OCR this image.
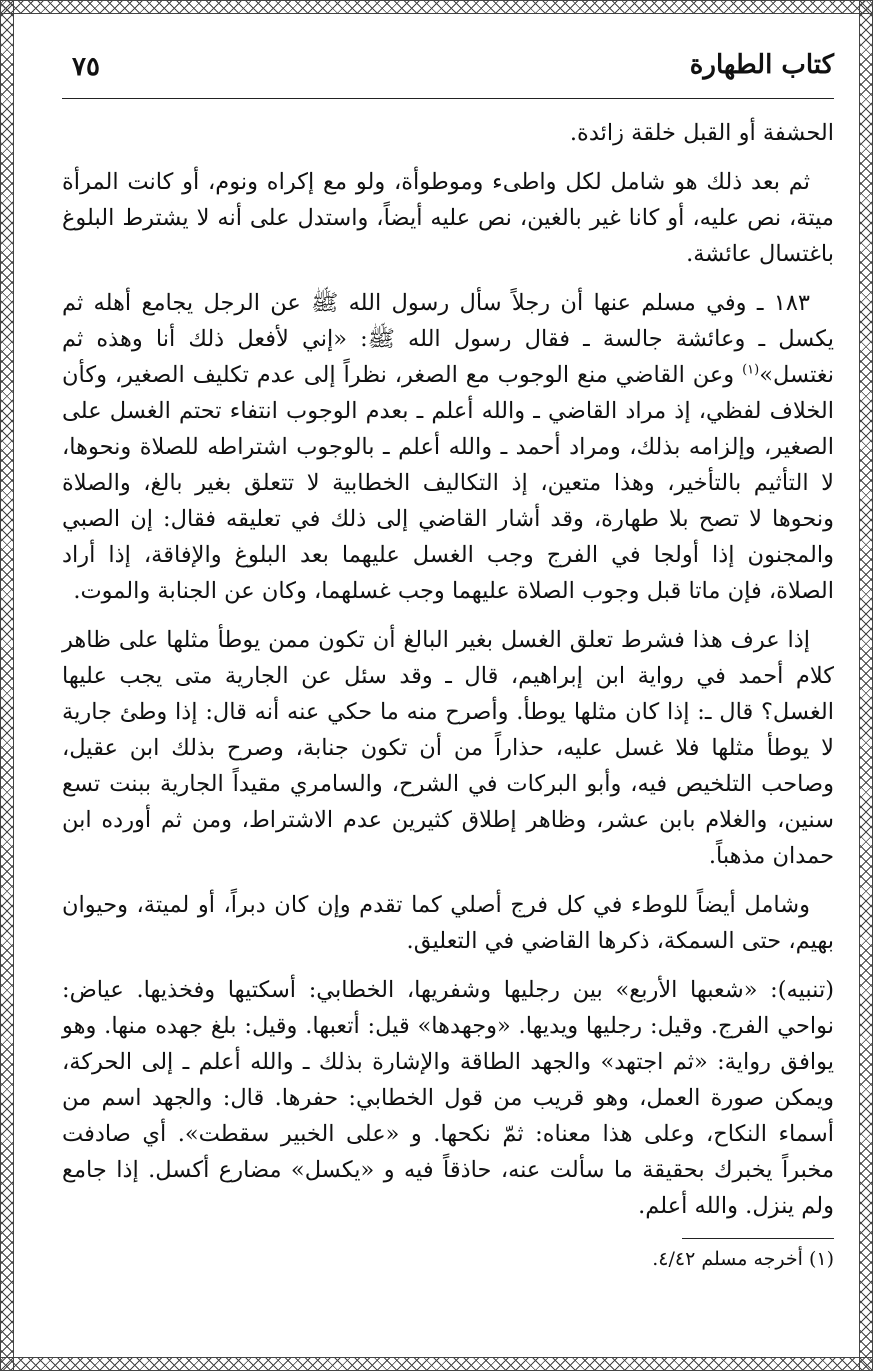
كتاب الطهارة
٧٥

الحشفة أو القبل خلقة زائدة.

ثم بعد ذلك هو شامل لكل واطىء وموطوأة، ولو مع إكراه ونوم، أو كانت المرأة ميتة، نص عليه، أو كانا غير بالغين، نص عليه أيضاً، واستدل على أنه لا يشترط البلوغ باغتسال عائشة.

١٨٣ ـ وفي مسلم عنها أن رجلاً سأل رسول الله ﷺ عن الرجل يجامع أهله ثم يكسل ـ وعائشة جالسة ـ فقال رسول الله ﷺ: «إني لأفعل ذلك أنا وهذه ثم نغتسل»$^{(١)}$ وعن القاضي منع الوجوب مع الصغر، نظراً إلى عدم تكليف الصغير، وكأن الخلاف لفظي، إذ مراد القاضي ـ والله أعلم ـ بعدم الوجوب انتفاء تحتم الغسل على الصغير، وإلزامه بذلك، ومراد أحمد ـ والله أعلم ـ بالوجوب اشتراطه للصلاة ونحوها، لا التأثيم بالتأخير، وهذا متعين، إذ التكاليف الخطابية لا تتعلق بغير بالغ، والصلاة ونحوها لا تصح بلا طهارة، وقد أشار القاضي إلى ذلك في تعليقه فقال: إن الصبي والمجنون إذا أولجا في الفرج وجب الغسل عليهما بعد البلوغ والإفاقة، إذا أراد الصلاة، فإن ماتا قبل وجوب الصلاة عليهما وجب غسلهما، وكان عن الجنابة والموت.

إذا عرف هذا فشرط تعلق الغسل بغير البالغ أن تكون ممن يوطأ مثلها على ظاهر كلام أحمد في رواية ابن إبراهيم، قال ـ وقد سئل عن الجارية متى يجب عليها الغسل؟ قال ـ: إذا كان مثلها يوطأ. وأصرح منه ما حكي عنه أنه قال: إذا وطئ جارية لا يوطأ مثلها فلا غسل عليه، حذاراً من أن تكون جنابة، وصرح بذلك ابن عقيل، وصاحب التلخيص فيه، وأبو البركات في الشرح، والسامري مقيداً الجارية ببنت تسع سنين، والغلام بابن عشر، وظاهر إطلاق كثيرين عدم الاشتراط، ومن ثم أورده ابن حمدان مذهباً.

وشامل أيضاً للوطء في كل فرج أصلي كما تقدم وإن كان دبراً، أو لميتة، وحيوان بهيم، حتى السمكة، ذكرها القاضي في التعليق.

(تنبيه): «شعبها الأربع» بين رجليها وشفريها، الخطابي: أسكتيها وفخذيها. عياض: نواحي الفرج. وقيل: رجليها ويديها. «وجهدها» قيل: أتعبها. وقيل: بلغ جهده منها. وهو يوافق رواية: «ثم اجتهد» والجهد الطاقة والإشارة بذلك ـ والله أعلم ـ إلى الحركة، ويمكن صورة العمل، وهو قريب من قول الخطابي: حفرها. قال: والجهد اسم من أسماء النكاح، وعلى هذا معناه: ثمّ نكحها. و «على الخبير سقطت». أي صادفت مخبراً يخبرك بحقيقة ما سألت عنه، حاذقاً فيه و «يكسل» مضارع أكسل. إذا جامع ولم ينزل. والله أعلم.

(١) أخرجه مسلم ٤/٤٢.
